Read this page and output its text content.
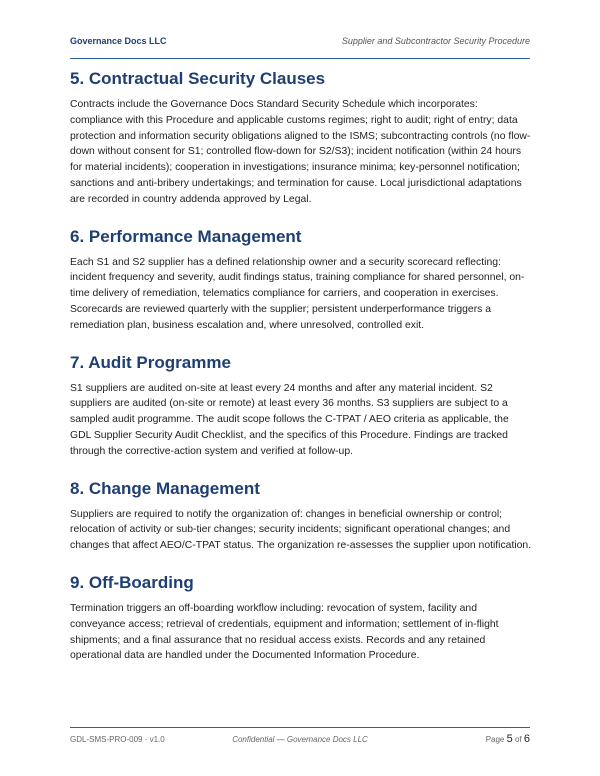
Governance Docs LLC	Supplier and Subcontractor Security Procedure
5. Contractual Security Clauses

Contracts include the Governance Docs Standard Security Schedule which incorporates: compliance with this Procedure and applicable customs regimes; right to audit; right of entry; data protection and information security obligations aligned to the ISMS; subcontracting controls (no flow-down without consent for S1; controlled flow-down for S2/S3); incident notification (within 24 hours for material incidents); cooperation in investigations; insurance minima; key-personnel notification; sanctions and anti-bribery undertakings; and termination for cause. Local jurisdictional adaptations are recorded in country addenda approved by Legal.

6. Performance Management

Each S1 and S2 supplier has a defined relationship owner and a security scorecard reflecting: incident frequency and severity, audit findings status, training compliance for shared personnel, on-time delivery of remediation, telematics compliance for carriers, and cooperation in exercises. Scorecards are reviewed quarterly with the supplier; persistent underperformance triggers a remediation plan, business escalation and, where unresolved, controlled exit.

7. Audit Programme

S1 suppliers are audited on-site at least every 24 months and after any material incident. S2 suppliers are audited (on-site or remote) at least every 36 months. S3 suppliers are subject to a sampled audit programme. The audit scope follows the C-TPAT / AEO criteria as applicable, the GDL Supplier Security Audit Checklist, and the specifics of this Procedure. Findings are tracked through the corrective-action system and verified at follow-up.

8. Change Management

Suppliers are required to notify the organization of: changes in beneficial ownership or control; relocation of activity or sub-tier changes; security incidents; significant operational changes; and changes that affect AEO/C-TPAT status. The organization re-assesses the supplier upon notification.

9. Off-Boarding

Termination triggers an off-boarding workflow including: revocation of system, facility and conveyance access; retrieval of credentials, equipment and information; settlement of in-flight shipments; and a final assurance that no residual access exists. Records and any retained operational data are handled under the Documented Information Procedure.

GDL-SMS-PRO-009 · v1.0	Confidential — Governance Docs LLC	Page 5 of 6
